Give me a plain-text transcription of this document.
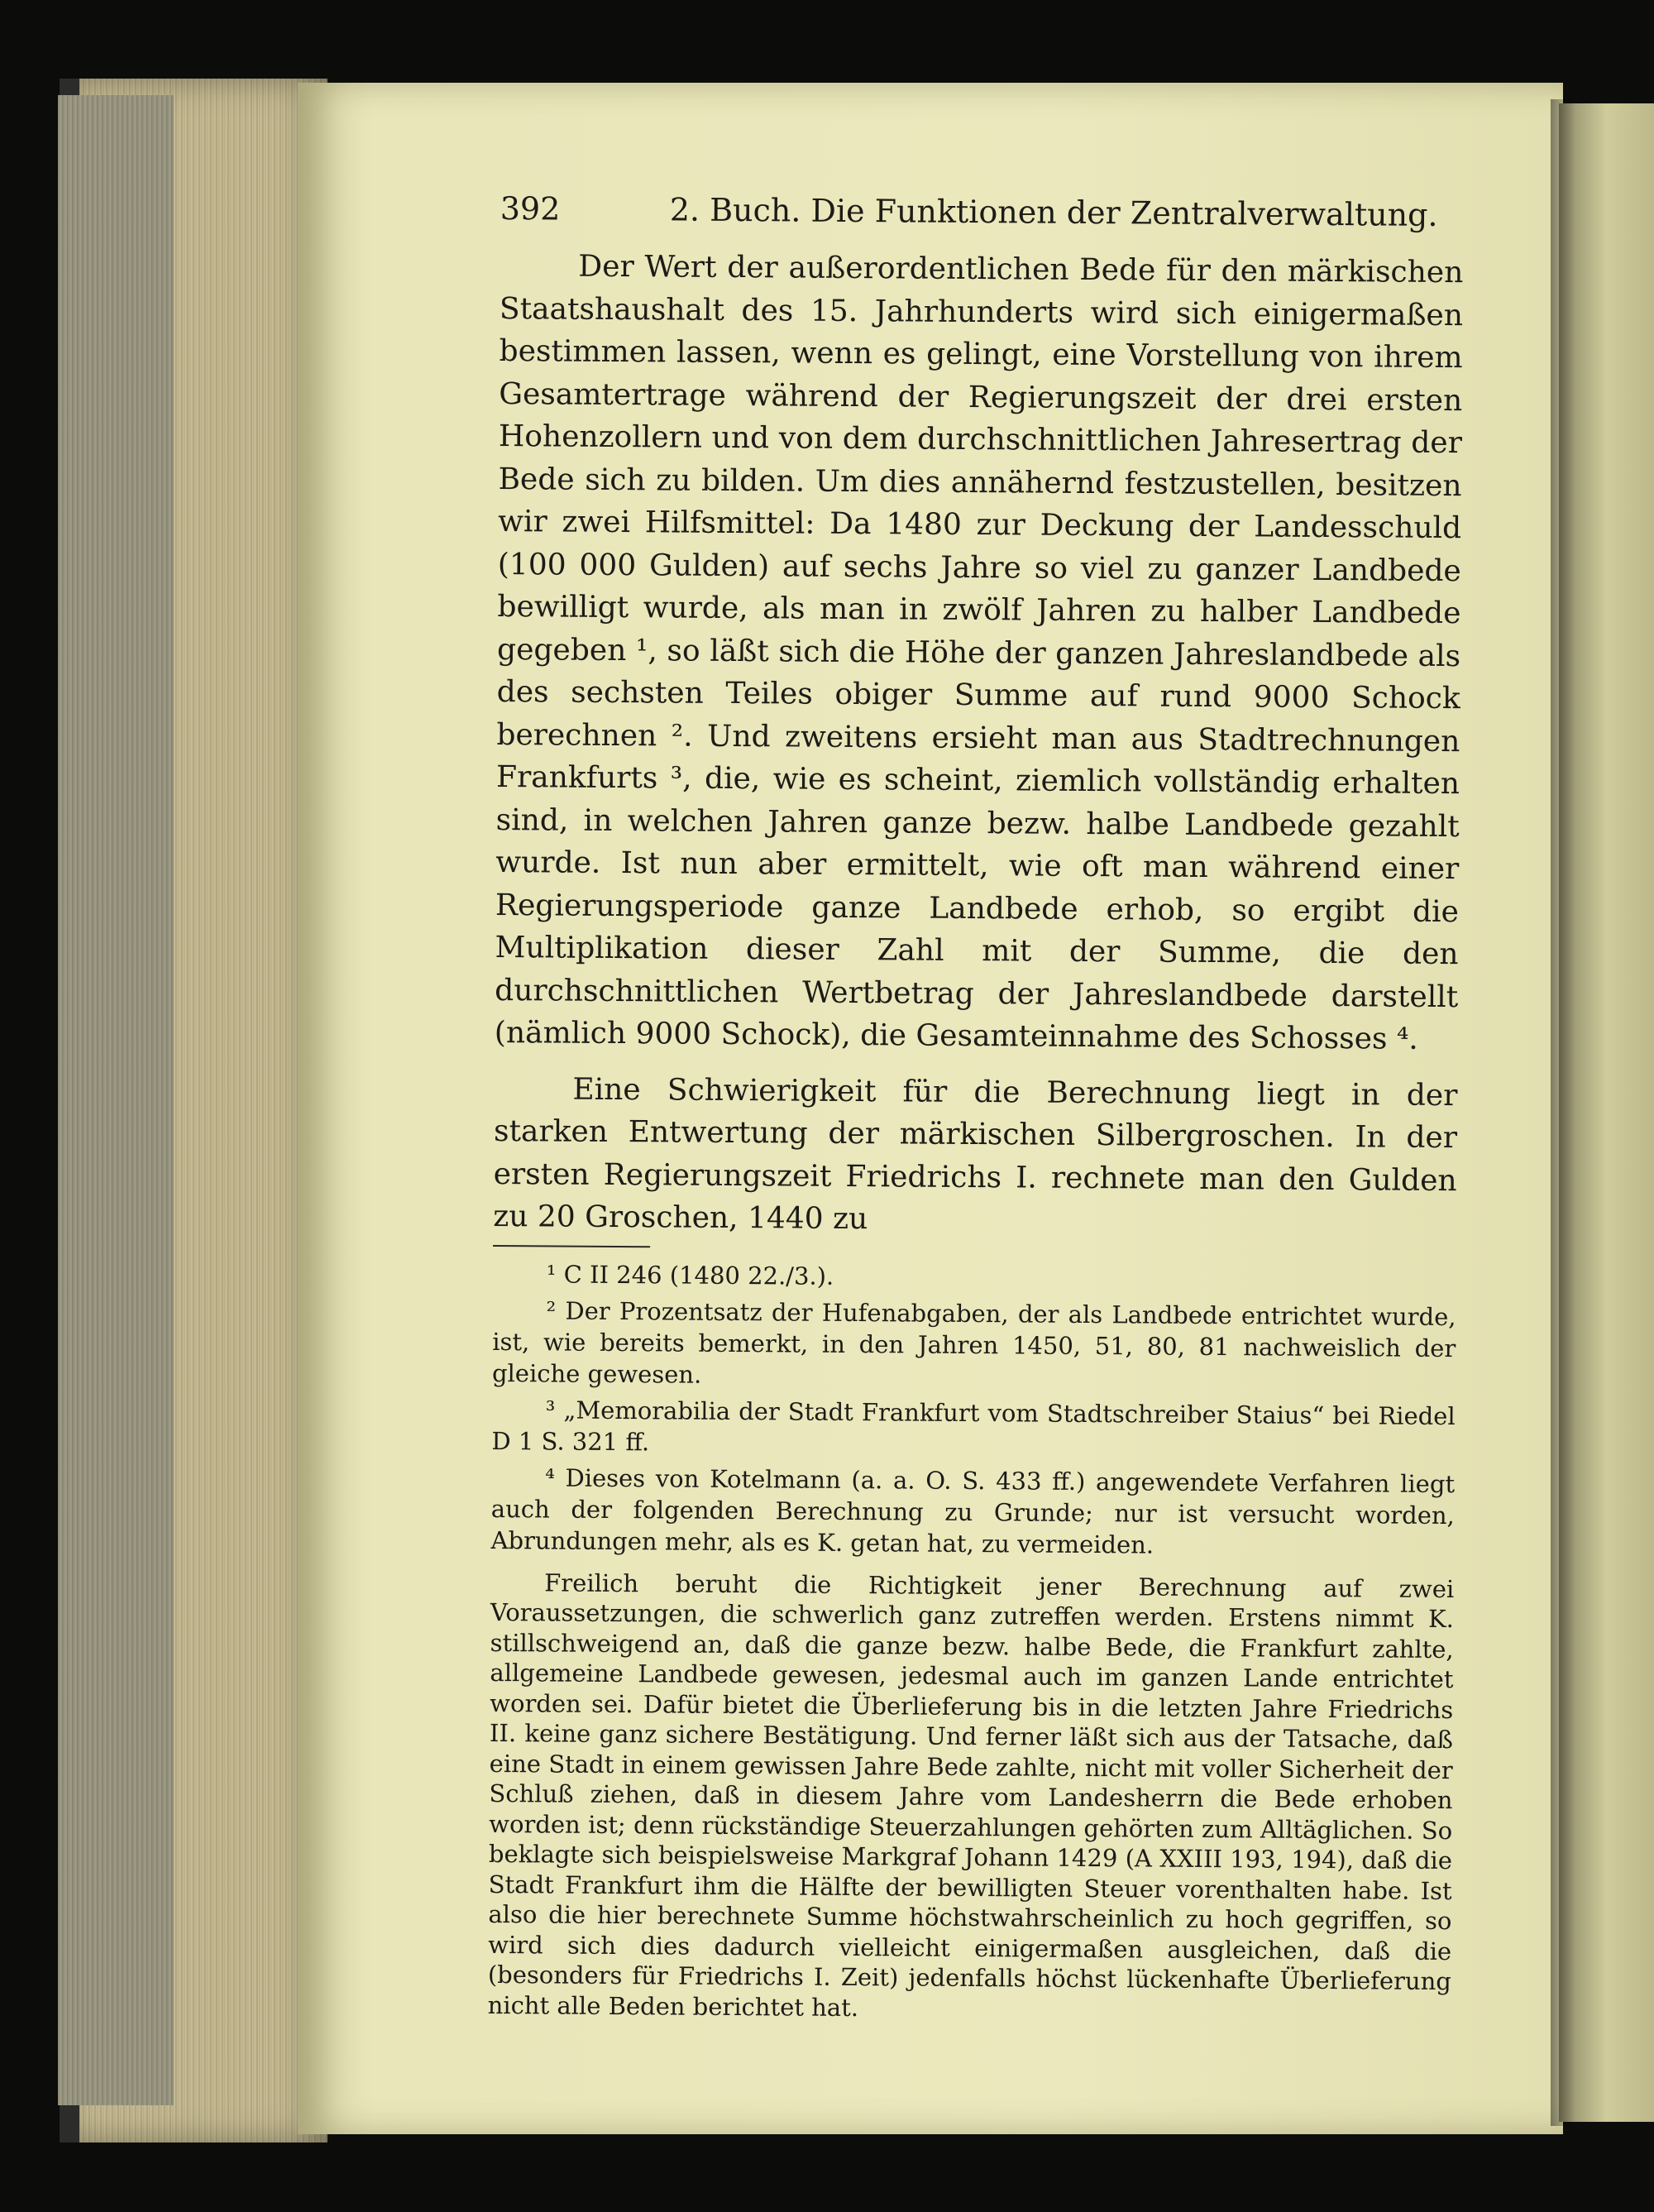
392	2. Buch. Die Funktionen der Zentralverwaltung.

Der Wert der außerordentlichen Bede für den märkischen Staatshaushalt des 15. Jahrhunderts wird sich einigermaßen bestimmen lassen, wenn es gelingt, eine Vorstellung von ihrem Gesamtertrage während der Regierungszeit der drei ersten Hohenzollern und von dem durchschnittlichen Jahresertrag der Bede sich zu bilden. Um dies annähernd festzustellen, besitzen wir zwei Hilfsmittel: Da 1480 zur Deckung der Landesschuld (100 000 Gulden) auf sechs Jahre so viel zu ganzer Landbede bewilligt wurde, als man in zwölf Jahren zu halber Landbede gegeben ¹, so läßt sich die Höhe der ganzen Jahreslandbede als des sechsten Teiles obiger Summe auf rund 9000 Schock berechnen ². Und zweitens ersieht man aus Stadtrechnungen Frankfurts ³, die, wie es scheint, ziemlich vollständig erhalten sind, in welchen Jahren ganze bezw. halbe Landbede gezahlt wurde. Ist nun aber ermittelt, wie oft man während einer Regierungsperiode ganze Landbede erhob, so ergibt die Multiplikation dieser Zahl mit der Summe, die den durchschnittlichen Wertbetrag der Jahreslandbede darstellt (nämlich 9000 Schock), die Gesamteinnahme des Schosses ⁴.

Eine Schwierigkeit für die Berechnung liegt in der starken Entwertung der märkischen Silbergroschen. In der ersten Regierungszeit Friedrichs I. rechnete man den Gulden zu 20 Groschen, 1440 zu

¹ C II 246 (1480 22./3.).

² Der Prozentsatz der Hufenabgaben, der als Landbede entrichtet wurde, ist, wie bereits bemerkt, in den Jahren 1450, 51, 80, 81 nachweislich der gleiche gewesen.

³ „Memorabilia der Stadt Frankfurt vom Stadtschreiber Staius“ bei Riedel D 1 S. 321 ff.

⁴ Dieses von Kotelmann (a. a. O. S. 433 ff.) angewendete Verfahren liegt auch der folgenden Berechnung zu Grunde; nur ist versucht worden, Abrundungen mehr, als es K. getan hat, zu vermeiden.

Freilich beruht die Richtigkeit jener Berechnung auf zwei Voraussetzungen, die schwerlich ganz zutreffen werden. Erstens nimmt K. stillschweigend an, daß die ganze bezw. halbe Bede, die Frankfurt zahlte, allgemeine Landbede gewesen, jedesmal auch im ganzen Lande entrichtet worden sei. Dafür bietet die Überlieferung bis in die letzten Jahre Friedrichs II. keine ganz sichere Bestätigung. Und ferner läßt sich aus der Tatsache, daß eine Stadt in einem gewissen Jahre Bede zahlte, nicht mit voller Sicherheit der Schluß ziehen, daß in diesem Jahre vom Landesherrn die Bede erhoben worden ist; denn rückständige Steuerzahlungen gehörten zum Alltäglichen. So beklagte sich beispielsweise Markgraf Johann 1429 (A XXIII 193, 194), daß die Stadt Frankfurt ihm die Hälfte der bewilligten Steuer vorenthalten habe. Ist also die hier berechnete Summe höchstwahrscheinlich zu hoch gegriffen, so wird sich dies dadurch vielleicht einigermaßen ausgleichen, daß die (besonders für Friedrichs I. Zeit) jedenfalls höchst lückenhafte Überlieferung nicht alle Beden berichtet hat.
